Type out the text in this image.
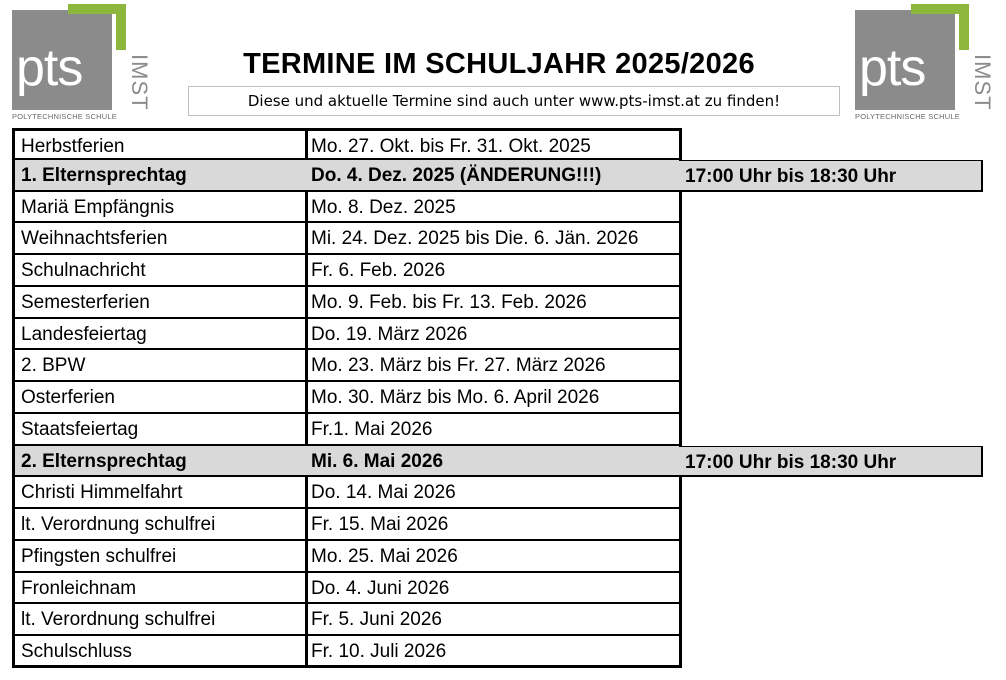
pts IMST
POLYTECHNISCHE SCHULE
pts IMST
POLYTECHNISCHE SCHULE
TERMINE IM SCHULJAHR 2025/2026
Diese und aktuelle Termine sind auch unter www.pts-imst.at zu finden!
Herbstferien	Mo. 27. Okt. bis Fr. 31. Okt. 2025
1. Elternsprechtag	Do. 4. Dez. 2025 (ÄNDERUNG!!!)	17:00 Uhr bis 18:30 Uhr
Mariä Empfängnis	Mo. 8. Dez. 2025
Weihnachtsferien	Mi. 24. Dez. 2025 bis Die. 6. Jän. 2026
Schulnachricht	Fr. 6. Feb. 2026
Semesterferien	Mo. 9. Feb. bis Fr. 13. Feb. 2026
Landesfeiertag	Do. 19. März 2026
2. BPW	Mo. 23. März bis Fr. 27. März 2026
Osterferien	Mo. 30. März bis Mo. 6. April 2026
Staatsfeiertag	Fr.1. Mai 2026
2. Elternsprechtag	Mi. 6. Mai 2026	17:00 Uhr bis 18:30 Uhr
Christi Himmelfahrt	Do. 14. Mai 2026
lt. Verordnung schulfrei	Fr. 15. Mai 2026
Pfingsten schulfrei	Mo. 25. Mai 2026
Fronleichnam	Do. 4. Juni 2026
lt. Verordnung schulfrei	Fr. 5. Juni 2026
Schulschluss	Fr. 10. Juli 2026
